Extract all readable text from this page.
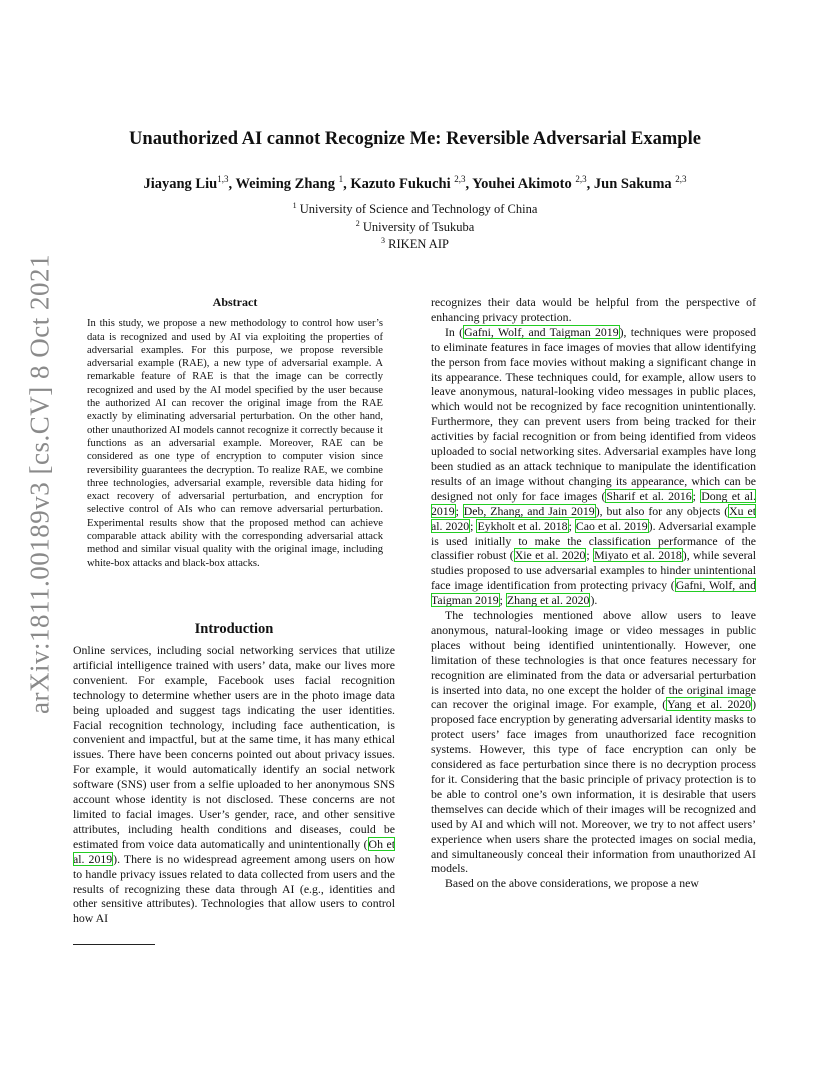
arXiv:1811.00189v3 [cs.CV] 8 Oct 2021
Unauthorized AI cannot Recognize Me: Reversible Adversarial Example
Jiayang Liu$^{1,3}$, Weiming Zhang $^1$, Kazuto Fukuchi $^{2,3}$, Youhei Akimoto $^{2,3}$, Jun Sakuma $^{2,3}$
$^1$ University of Science and Technology of China
$^2$ University of Tsukuba
$^3$ RIKEN AIP

Abstract

In this study, we propose a new methodology to control how user’s data is recognized and used by AI via exploiting the properties of adversarial examples. For this purpose, we propose reversible adversarial example (RAE), a new type of adversarial example. A remarkable feature of RAE is that the image can be correctly recognized and used by the AI model specified by the user because the authorized AI can recover the original image from the RAE exactly by eliminating adversarial perturbation. On the other hand, other unauthorized AI models cannot recognize it correctly because it functions as an adversarial example. Moreover, RAE can be considered as one type of encryption to computer vision since reversibility guarantees the decryption. To realize RAE, we combine three technologies, adversarial example, reversible data hiding for exact recovery of adversarial perturbation, and encryption for selective control of AIs who can remove adversarial perturbation. Experimental results show that the proposed method can achieve comparable attack ability with the corresponding adversarial attack method and similar visual quality with the original image, including white-box attacks and black-box attacks.

Introduction

Online services, including social networking services that utilize artificial intelligence trained with users’ data, make our lives more convenient. For example, Facebook uses facial recognition technology to determine whether users are in the photo image data being uploaded and suggest tags indicating the user identities. Facial recognition technology, including face authentication, is convenient and impactful, but at the same time, it has many ethical issues. There have been concerns pointed out about privacy issues. For example, it would automatically identify an social network software (SNS) user from a selfie uploaded to her anonymous SNS account whose identity is not disclosed. These concerns are not limited to facial images. User’s gender, race, and other sensitive attributes, including health conditions and diseases, could be estimated from voice data automatically and unintentionally (Oh et al. 2019). There is no widespread agreement among users on how to handle privacy issues related to data collected from users and the results of recognizing these data through AI (e.g., identities and other sensitive attributes). Technologies that allow users to control how AI

recognizes their data would be helpful from the perspective of enhancing privacy protection.

In (Gafni, Wolf, and Taigman 2019), techniques were proposed to eliminate features in face images of movies that allow identifying the person from face movies without making a significant change in its appearance. These techniques could, for example, allow users to leave anonymous, natural-looking video messages in public places, which would not be recognized by face recognition unintentionally. Furthermore, they can prevent users from being tracked for their activities by facial recognition or from being identified from videos uploaded to social networking sites. Adversarial examples have long been studied as an attack technique to manipulate the identification results of an image without changing its appearance, which can be designed not only for face images (Sharif et al. 2016; Dong et al. 2019; Deb, Zhang, and Jain 2019), but also for any objects (Xu et al. 2020; Eykholt et al. 2018; Cao et al. 2019). Adversarial example is used initially to make the classification performance of the classifier robust (Xie et al. 2020; Miyato et al. 2018), while several studies proposed to use adversarial examples to hinder unintentional face image identification from protecting privacy (Gafni, Wolf, and Taigman 2019; Zhang et al. 2020).

The technologies mentioned above allow users to leave anonymous, natural-looking image or video messages in public places without being identified unintentionally. However, one limitation of these technologies is that once features necessary for recognition are eliminated from the data or adversarial perturbation is inserted into data, no one except the holder of the original image can recover the original image. For example, (Yang et al. 2020) proposed face encryption by generating adversarial identity masks to protect users’ face images from unauthorized face recognition systems. However, this type of face encryption can only be considered as face perturbation since there is no decryption process for it. Considering that the basic principle of privacy protection is to be able to control one’s own information, it is desirable that users themselves can decide which of their images will be recognized and used by AI and which will not. Moreover, we try to not affect users’ experience when users share the protected images on social media, and simultaneously conceal their information from unauthorized AI models.

Based on the above considerations, we propose a new
